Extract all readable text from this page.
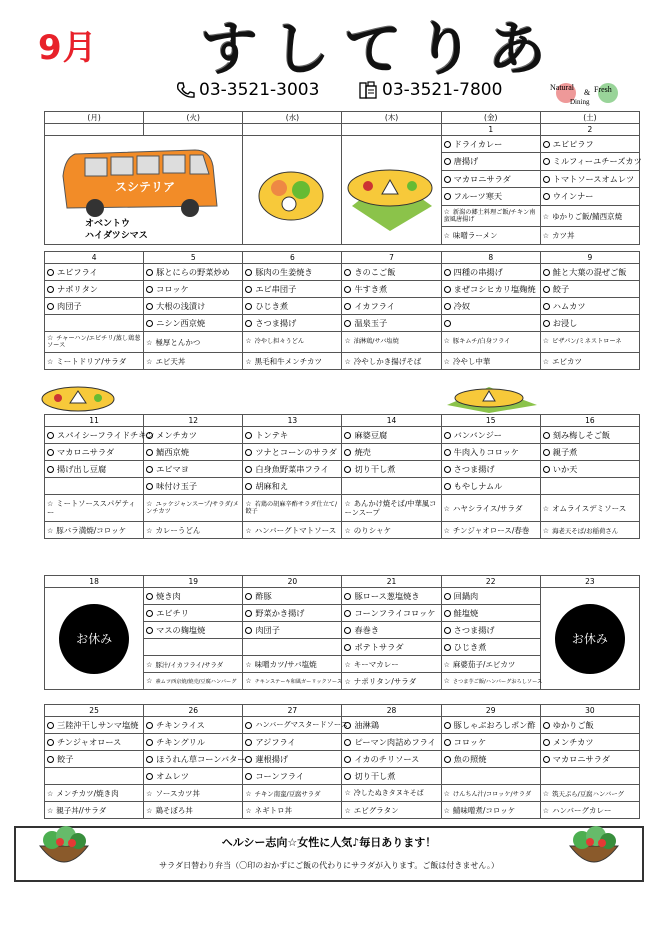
9月	すしてりあ
03-3521-3003	03-3521-7800	Natural
& Fresh
Dining
(月)	(火)	(水)	(木)	(金)	(土)
				1	2

スシテリア
オベントウ
ハイダツシマス				ドライカレー	エビピラフ
				唐揚げ	ミルフィーユチーズカツ
				マカロニサラダ	トマトソースオムレツ
				フルーツ寒天	ウインナー
				☆ 新潟の郷土料理ご飯/チキン南蛮風唐揚げ	☆ ゆかりご飯/鯖西京焼
				☆ 味噌ラーメン	☆ カツ丼
4	5	6	7	8	9
エビフライ	豚とにらの野菜炒め	豚肉の生姜焼き	きのこご飯	四種の串揚げ	鮭と大葉の混ぜご飯
ナポリタン	コロッケ	エビ串団子	牛すき煮	まぜコシヒカリ塩麹焼	餃子
肉団子	大根の浅漬け	ひじき煮	イカフライ	冷奴	ハムカツ
	ニシン西京焼	さつま揚げ	温泉玉子		お浸し
☆ チャーハン/エビチリ/蒸し鶏葱ソース	☆ 極厚とんかつ	☆ 冷やし担々うどん	☆ 油淋鶏/サバ塩焼	☆ 豚キムチ/白身フライ	☆ ビザパン/ミネストローネ
☆ ミートドリア/サラダ	☆ エビ天丼	☆ 黒毛和牛メンチカツ	☆ 冷やしかき揚げそば	☆ 冷やし中華	☆ エビカツ
11	12	13	14	15	16
スパイシーフライドチキン	メンチカツ	トンテキ	麻婆豆腐	バンバンジー	刻み梅しそご飯
マカロニサラダ	鯖西京焼	ツナとコーンのサラダ	焼売	牛肉入りコロッケ	親子煮
揚げ出し豆腐	エビマヨ	白身魚野菜串フライ	切り干し煮	さつま揚げ	いか天
	味付け玉子	胡麻和え		もやしナムル	
☆ ミートソーススパゲティー	☆ ユッケジャンスープ/サラダ/メンチカツ	☆ 若鶏の胡麻辛酢サラダ仕立て/餃子	☆ あんかけ焼そば/中華風コーンスープ	☆ ハヤシライス/サラダ	☆ オムライスデミソース
☆ 豚バラ満焼/コロッケ	☆ カレーうどん	☆ ハンバーグトマトソース	☆ のりシャケ	☆ チンジャオロース/春巻	☆ 海老天そば/お稲荷さん
18	19	20	21	22	23

お休み	焼き肉	酢豚	豚ロース葱塩焼き	回鍋肉	お休み

	エビチリ	野菜かき揚げ	コーンフライコロッケ	鮭塩焼	
	マスの麹塩焼	肉団子	春巻き	さつま揚げ	
			ポテトサラダ	ひじき煮	
	☆ 豚汁/イカフライ/サラダ	☆ 味噌カツ/サバ塩焼	☆ キーマカレー	☆ 麻婆茄子/エビカツ	
	☆ 素ムツ西京焼/焼売/豆腐ハンバーグ	☆ チキンステーキ和風ガーリックソース	☆ ナポリタン/サラダ	☆ さつま芋ご飯/ハンバーグおろしソース	
25	26	27	28	29	30
三陸沖干しサンマ塩焼	チキンライス	ハンバーグマスタードソース	油淋鶏	豚しゃぶおろしポン酢	ゆかりご飯
チンジャオロース	チキングリル	アジフライ	ピーマン肉詰めフライ	コロッケ	メンチカツ
餃子	ほうれん草コーンバター	蓮根揚げ	イカのチリソース	魚の照焼	マカロニサラダ
	オムレツ	コーンフライ	切り干し煮		
☆ メンチカツ/焼き肉	☆ ソースカツ丼	☆ チキン南蛮/豆腐サラダ	☆ 冷したぬきタヌキそば	☆ けんちん汁/コロッケ/サラダ	☆ 筑天ぷら/豆腐ハンバーグ
☆ 親子丼//サラダ	☆ 鶏そぼろ丼	☆ ネギトロ丼	☆ エビグラタン	☆ 鯖味噌煮/コロッケ	☆ ハンバーグカレー
ヘルシー志向☆女性に人気♪毎日あります！
サラダ日替わり弁当（〇印のおかずにご飯の代わりにサラダが入ります。ご飯は付きません。）
